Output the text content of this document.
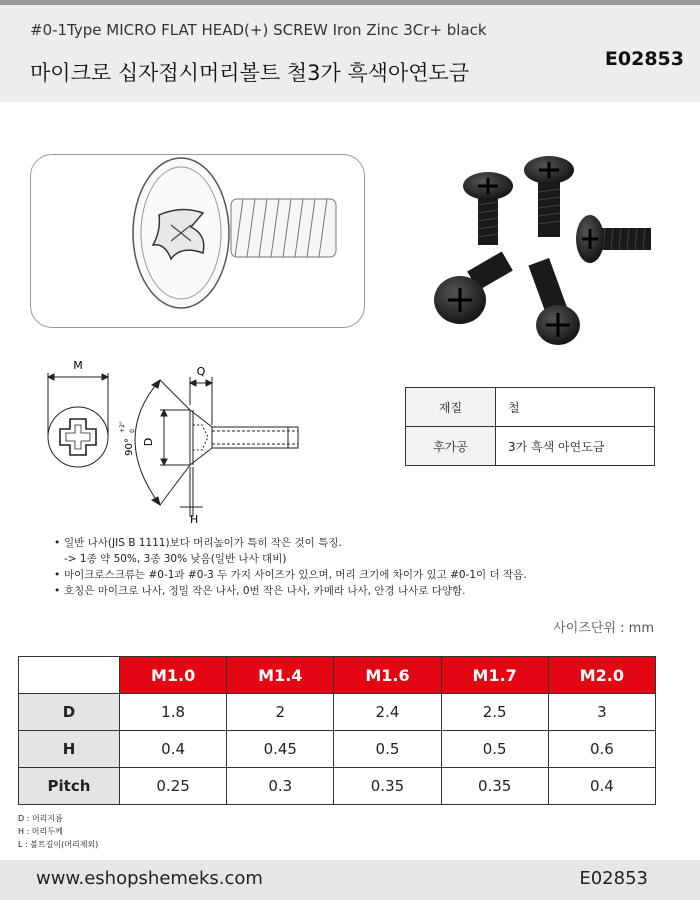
#0-1Type MICRO FLAT HEAD(+) SCREW Iron Zinc 3Cr+ black
마이크로 십자접시머리볼트 철3가 흑색아연도금
E02853
M	Q
D
H
90°
+2° 0
재질	철
후가공	3가 흑색 아연도금
• 일반 나사(JIS B 1111)보다 머리높이가 특히 작은 것이 특징.
-> 1종 약 50%, 3종 30% 낮음(일반 나사 대비)
• 마이크로스크류는 #0-1과 #0-3 두 가지 사이즈가 있으며, 머리 크기에 차이가 있고 #0-1이 더 작음.
• 호칭은 마이크로 나사, 정밀 작은 나사, 0번 작은 나사, 카메라 나사, 안경 나사로 다양함.
사이즈단위 : mm
	M1.0	M1.4	M1.6	M1.7	M2.0
D	1.8	2	2.4	2.5	3
H	0.4	0.45	0.5	0.5	0.6
Pitch	0.25	0.3	0.35	0.35	0.4
D : 머리지름
H : 머리두께
L : 볼트길이(머리제외)
www.eshopshemeks.com	E02853
